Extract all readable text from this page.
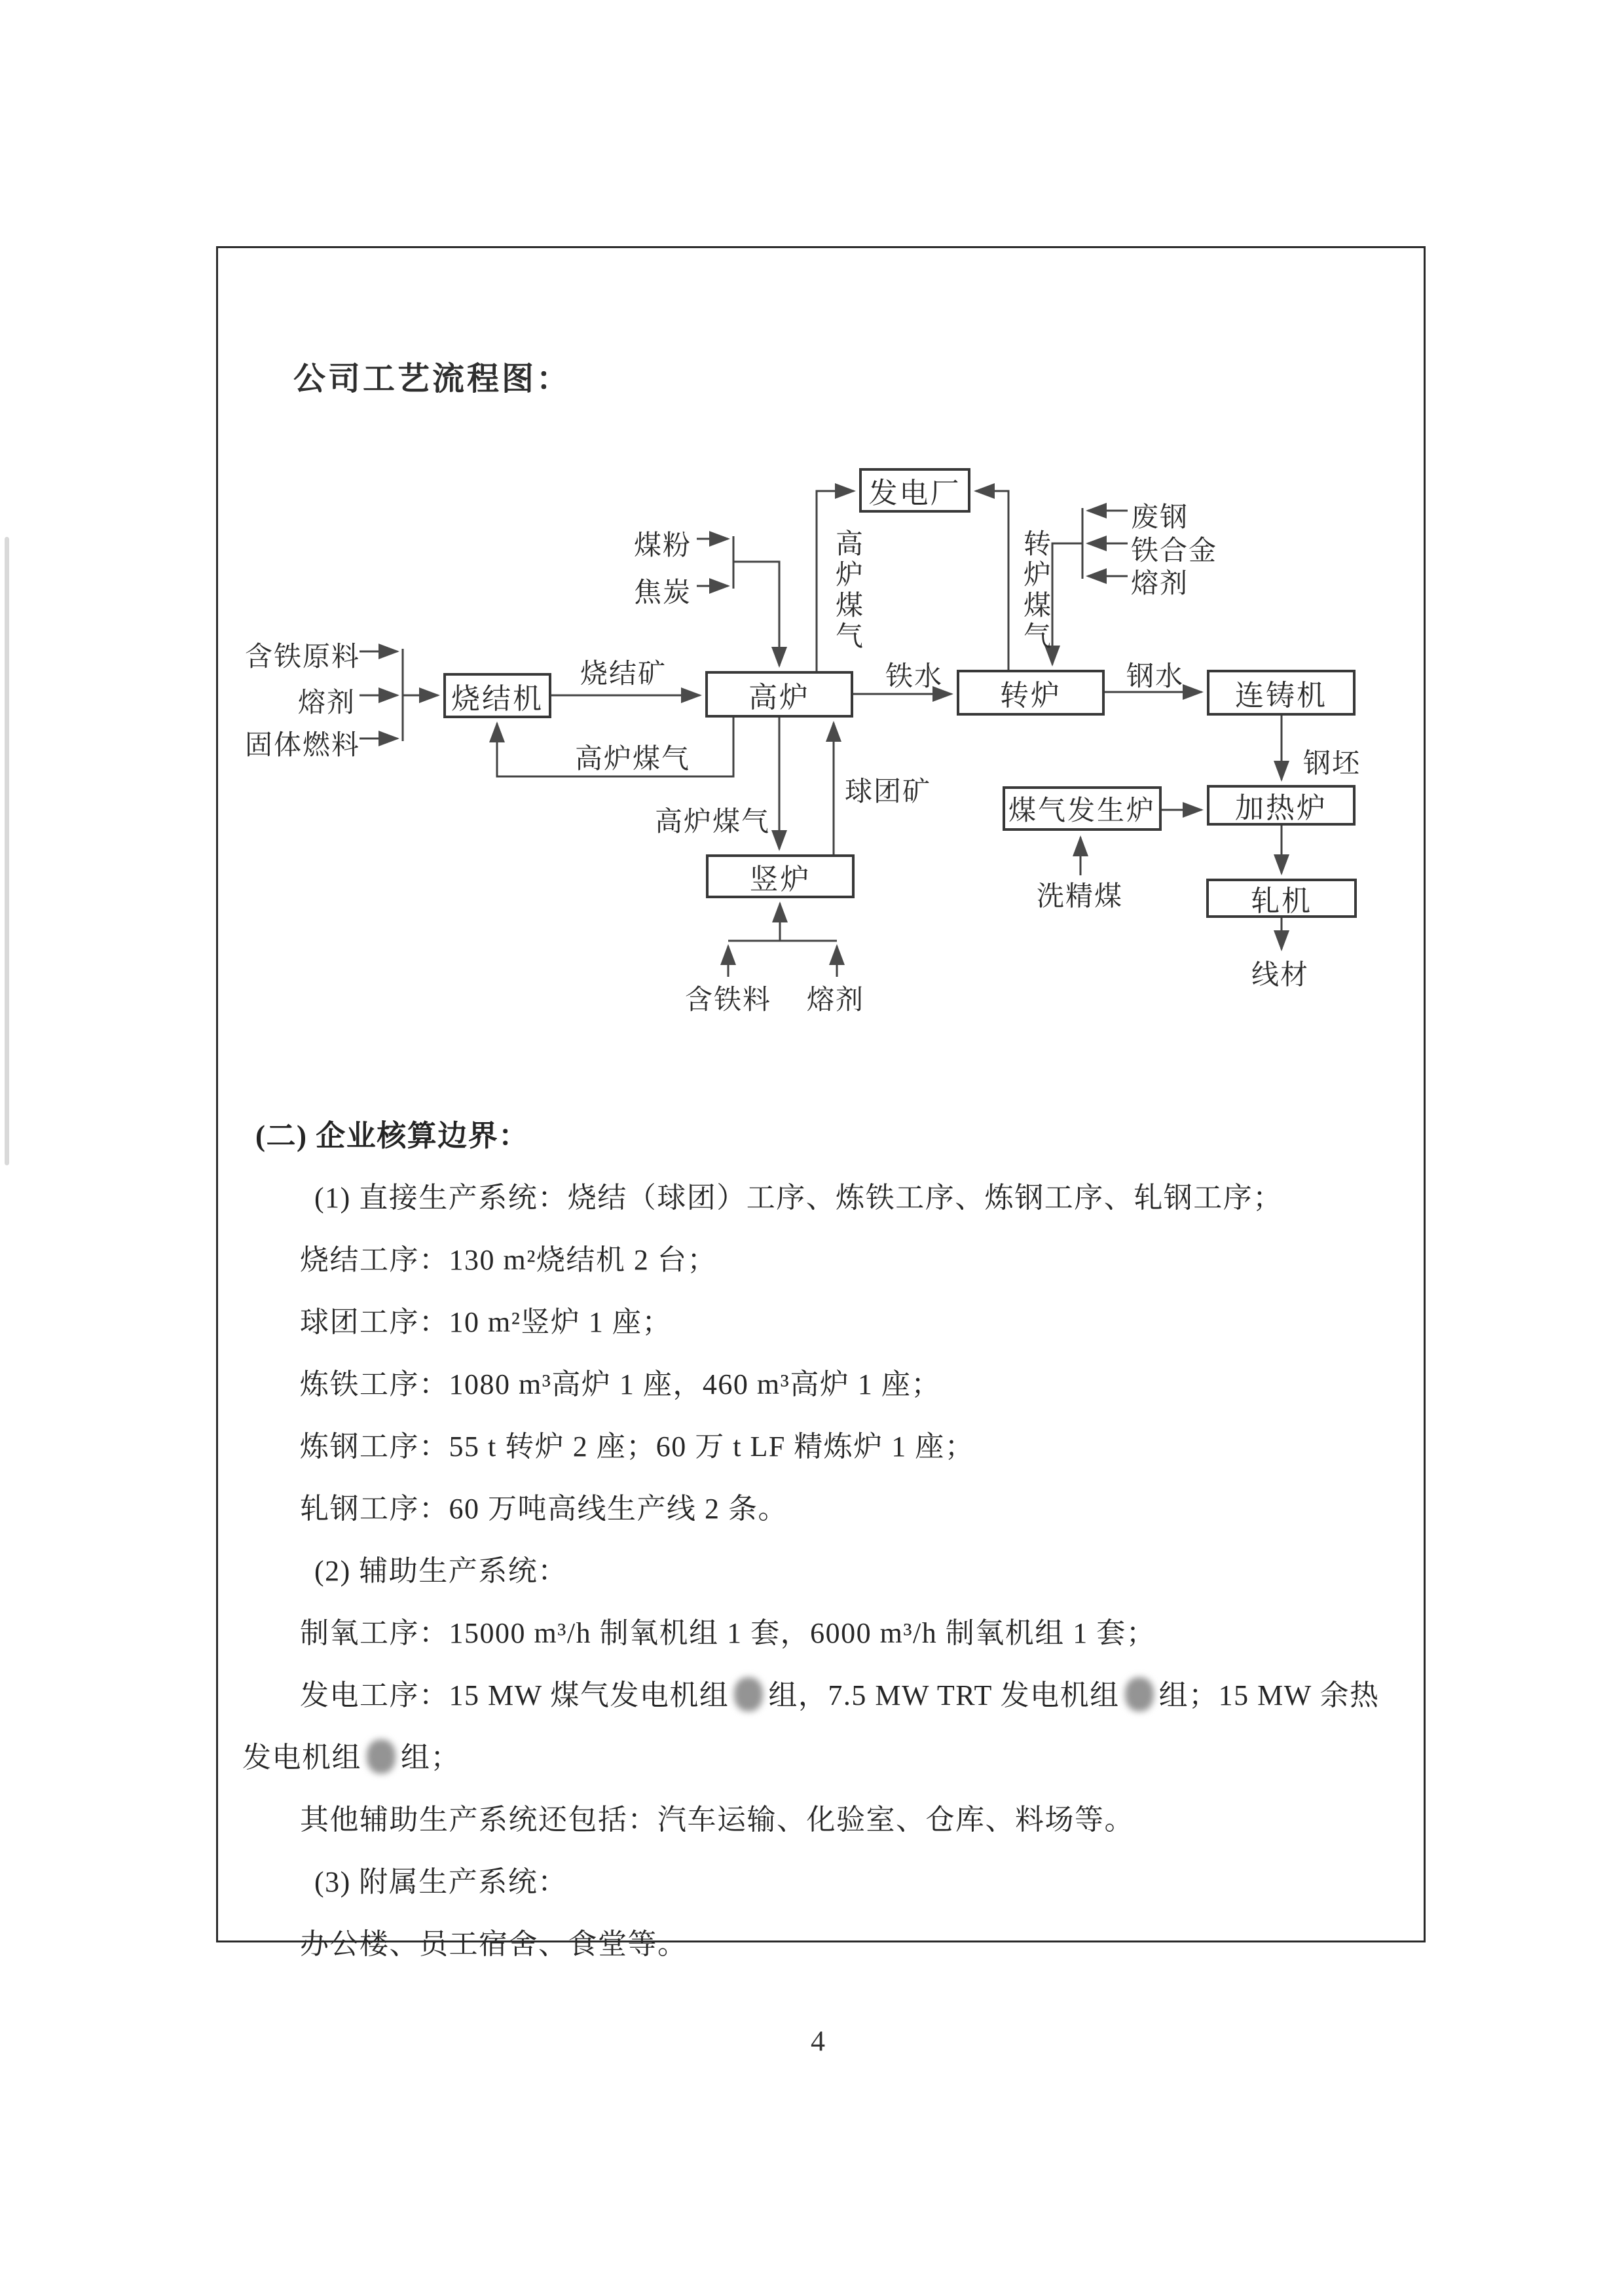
公司工艺流程图：
发电厂
烧结机	高炉	转炉	连铸机
煤气发生炉	加热炉
竖炉
轧机
煤粉
焦炭	高炉煤气	转炉煤气
废钢
铁合金
熔剂
含铁原料
熔剂
固体燃料
烧结矿	铁水	钢水
高炉煤气	钢坯
球团矿
高炉煤气
洗精煤
含铁料 熔剂
线材
(二) 企业核算边界：
(1) 直接生产系统：烧结（球团）工序、炼铁工序、炼钢工序、轧钢工序；
烧结工序：130 m²烧结机 2 台；
球团工序：10 m²竖炉 1 座；
炼铁工序：1080 m³高炉 1 座，460 m³高炉 1 座；
炼钢工序：55 t 转炉 2 座；60 万 t LF 精炼炉 1 座；
轧钢工序：60 万吨高线生产线 2 条。
(2) 辅助生产系统：
制氧工序：15000 m³/h 制氧机组 1 套，6000 m³/h 制氧机组 1 套；
发电工序：15 MW 煤气发电机组 组，7.5 MW TRT 发电机组 组；15 MW 余热
发电机组 组；
其他辅助生产系统还包括：汽车运输、化验室、仓库、料场等。
(3) 附属生产系统：
办公楼、员工宿舍、食堂等。
4
